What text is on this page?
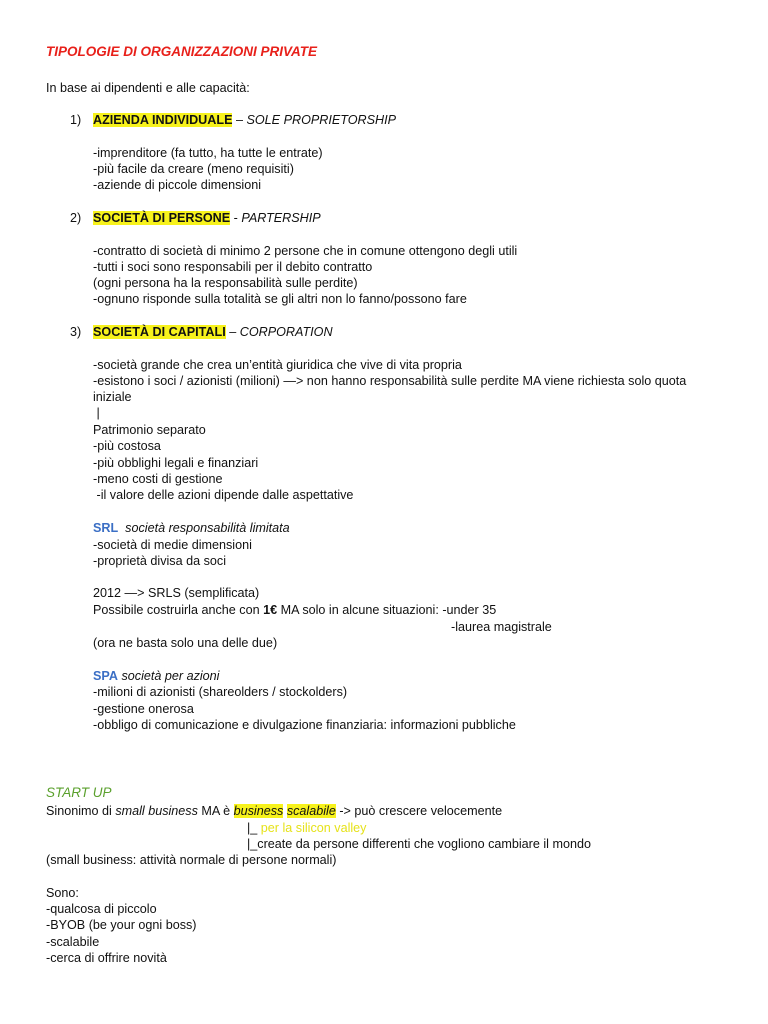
TIPOLOGIE DI ORGANIZZAZIONI PRIVATE
In base ai dipendenti e alle capacità:
1) AZIENDA INDIVIDUALE – SOLE PROPRIETORSHIP
-imprenditore (fa tutto, ha tutte le entrate)
-più facile da creare (meno requisiti)
-aziende di piccole dimensioni
2) SOCIETÀ DI PERSONE - PARTERSHIP
-contratto di società di minimo 2 persone che in comune ottengono degli utili
-tutti i soci sono responsabili per il debito contratto
(ogni persona ha la responsabilità sulle perdite)
-ognuno risponde sulla totalità se gli altri non lo fanno/possono fare
3) SOCIETÀ DI CAPITALI – CORPORATION
-società grande che crea un’entità giuridica che vive di vita propria
-esistono i soci / azionisti (milioni) —> non hanno responsabilità sulle perdite MA viene richiesta solo quota
iniziale
|
Patrimonio separato
-più costosa
-più obblighi legali e finanziari
-meno costi di gestione
-il valore delle azioni dipende dalle aspettative
SRL  società responsabilità limitata
-società di medie dimensioni
-proprietà divisa da soci
2012 —> SRLS (semplificata)
Possibile costruirla anche con 1€ MA solo in alcune situazioni: -under 35
-laurea magistrale
(ora ne basta solo una delle due)
SPA società per azioni
-milioni di azionisti (shareolders / stockolders)
-gestione onerosa
-obbligo di comunicazione e divulgazione finanziaria: informazioni pubbliche
START UP
Sinonimo di small business MA è business scalabile -> può crescere velocemente
|_ per la silicon valley
|_create da persone differenti che vogliono cambiare il mondo
(small business: attività normale di persone normali)
Sono:
-qualcosa di piccolo
-BYOB (be your ogni boss)
-scalabile
-cerca di offrire novità
